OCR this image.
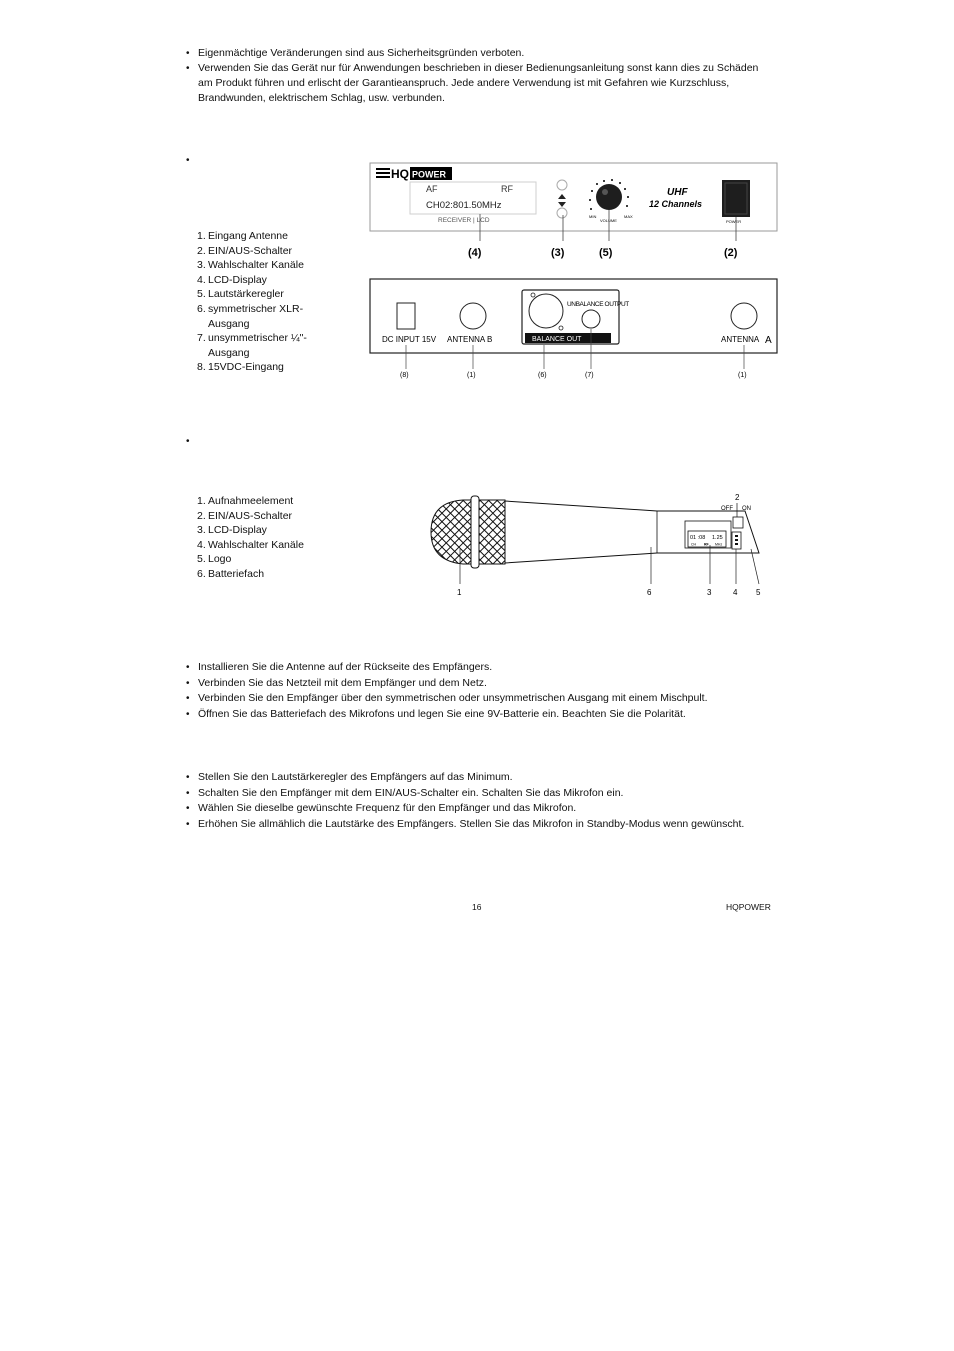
• Eigenmächtige Veränderungen sind aus Sicherheitsgründen verboten.
• Verwenden Sie das Gerät nur für Anwendungen beschrieben in dieser Bedienungsanleitung sonst kann dies zu Schäden am Produkt führen und erlischt der Garantieanspruch. Jede andere Verwendung ist mit Gefahren wie Kurzschluss, Brandwunden, elektrischem Schlag, usw. verbunden.
•
1. Eingang Antenne
2. EIN/AUS-Schalter
3. Wahlschalter Kanäle
4. LCD-Display
5. Lautstärkeregler
6. symmetrischer XLR-Ausgang
7. unsymmetrischer ¼"-Ausgang
8. 15VDC-Eingang
HQ POWER
AF	RF
CH02:801.50MHz
RECEIVER | LCD
MIN	MAX
VOLUME
UHF
12 Channels
POWER
(4)	(3)	(5)	(2)
DC INPUT 15V ANTENNA B
UNBALANCE OUTPUT
BALANCE OUT	ANTENNA A
(8)	(1)	(6)	(7)	(1)
•
1. Aufnahmeelement
2. EIN/AUS-Schalter
3. LCD-Display
4. Wahlschalter Kanäle
5. Logo
6. Batteriefach
01 :08 1.25
CH RF MHz
2
OFF ON
1	6	3	4 5
• Installieren Sie die Antenne auf der Rückseite des Empfängers.
• Verbinden Sie das Netzteil mit dem Empfänger und dem Netz.
• Verbinden Sie den Empfänger über den symmetrischen oder unsymmetrischen Ausgang mit einem Mischpult.
• Öffnen Sie das Batteriefach des Mikrofons und legen Sie eine 9V-Batterie ein. Beachten Sie die Polarität.
• Stellen Sie den Lautstärkeregler des Empfängers auf das Minimum.
• Schalten Sie den Empfänger mit dem EIN/AUS-Schalter ein. Schalten Sie das Mikrofon ein.
• Wählen Sie dieselbe gewünschte Frequenz für den Empfänger und das Mikrofon.
• Erhöhen Sie allmählich die Lautstärke des Empfängers. Stellen Sie das Mikrofon in Standby-Modus wenn gewünscht.
16	HQPOWER
